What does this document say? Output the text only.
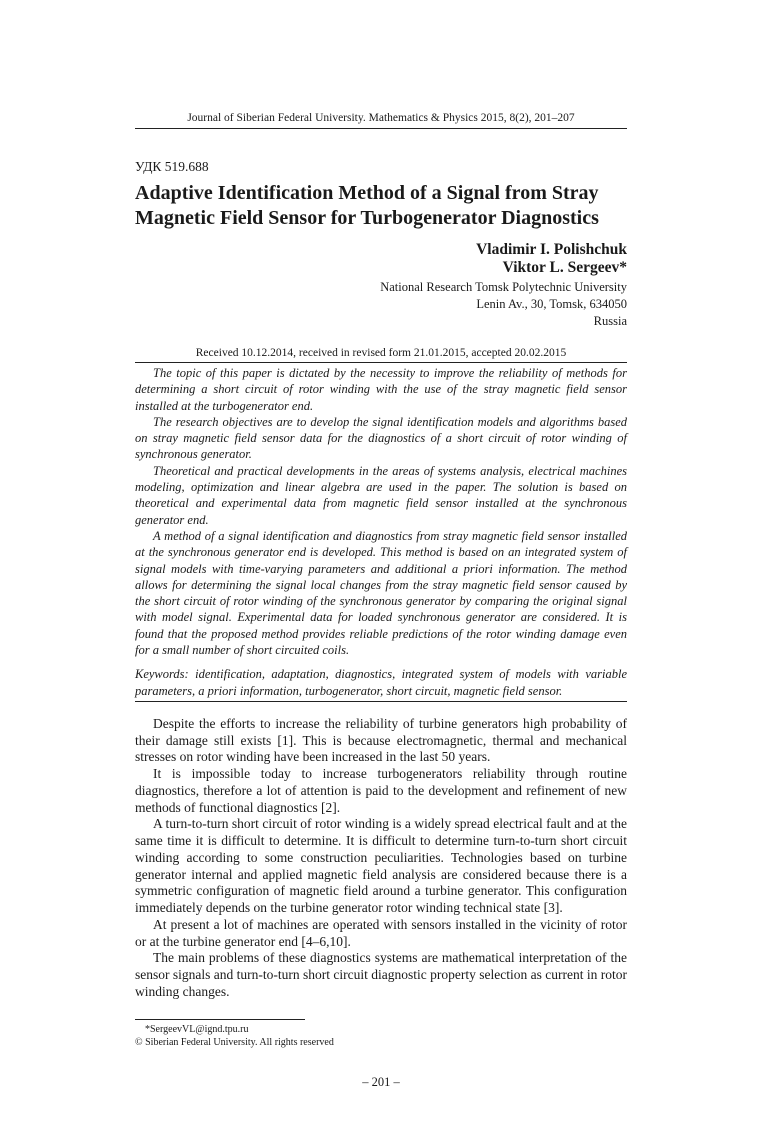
Journal of Siberian Federal University. Mathematics & Physics 2015, 8(2), 201–207
УДК 519.688
Adaptive Identification Method of a Signal from Stray
Magnetic Field Sensor for Turbogenerator Diagnostics
Vladimir I. Polishchuk
Viktor L. Sergeev*
National Research Tomsk Polytechnic University
Lenin Av., 30, Tomsk, 634050
Russia
Received 10.12.2014, received in revised form 21.01.2015, accepted 20.02.2015

The topic of this paper is dictated by the necessity to improve the reliability of methods for determining a short circuit of rotor winding with the use of the stray magnetic field sensor installed at the turbogenerator end.

The research objectives are to develop the signal identification models and algorithms based on stray magnetic field sensor data for the diagnostics of a short circuit of rotor winding of synchronous generator.

Theoretical and practical developments in the areas of systems analysis, electrical machines modeling, optimization and linear algebra are used in the paper. The solution is based on theoretical and experimental data from magnetic field sensor installed at the synchronous generator end.

A method of a signal identification and diagnostics from stray magnetic field sensor installed at the synchronous generator end is developed. This method is based on an integrated system of signal models with time-varying parameters and additional a priori information. The method allows for determining the signal local changes from the stray magnetic field sensor caused by the short circuit of rotor winding of the synchronous generator by comparing the original signal with model signal. Experimental data for loaded synchronous generator are considered. It is found that the proposed method provides reliable predictions of the rotor winding damage even for a small number of short circuited coils.

Keywords: identification, adaptation, diagnostics, integrated system of models with variable parameters, a priori information, turbogenerator, short circuit, magnetic field sensor.

Despite the efforts to increase the reliability of turbine generators high probability of their damage still exists [1]. This is because electromagnetic, thermal and mechanical stresses on rotor winding have been increased in the last 50 years.

It is impossible today to increase turbogenerators reliability through routine diagnostics, therefore a lot of attention is paid to the development and refinement of new methods of functional diagnostics [2].

A turn-to-turn short circuit of rotor winding is a widely spread electrical fault and at the same time it is difficult to determine. It is difficult to determine turn-to-turn short circuit winding according to some construction peculiarities. Technologies based on turbine generator internal and applied magnetic field analysis are considered because there is a symmetric configuration of magnetic field around a turbine generator. This configuration immediately depends on the turbine generator rotor winding technical state [3].

At present a lot of machines are operated with sensors installed in the vicinity of rotor or at the turbine generator end [4–6,10].

The main problems of these diagnostics systems are mathematical interpretation of the sensor signals and turn-to-turn short circuit diagnostic property selection as current in rotor winding changes.

*SergeevVL@ignd.tpu.ru
© Siberian Federal University. All rights reserved
– 201 –
